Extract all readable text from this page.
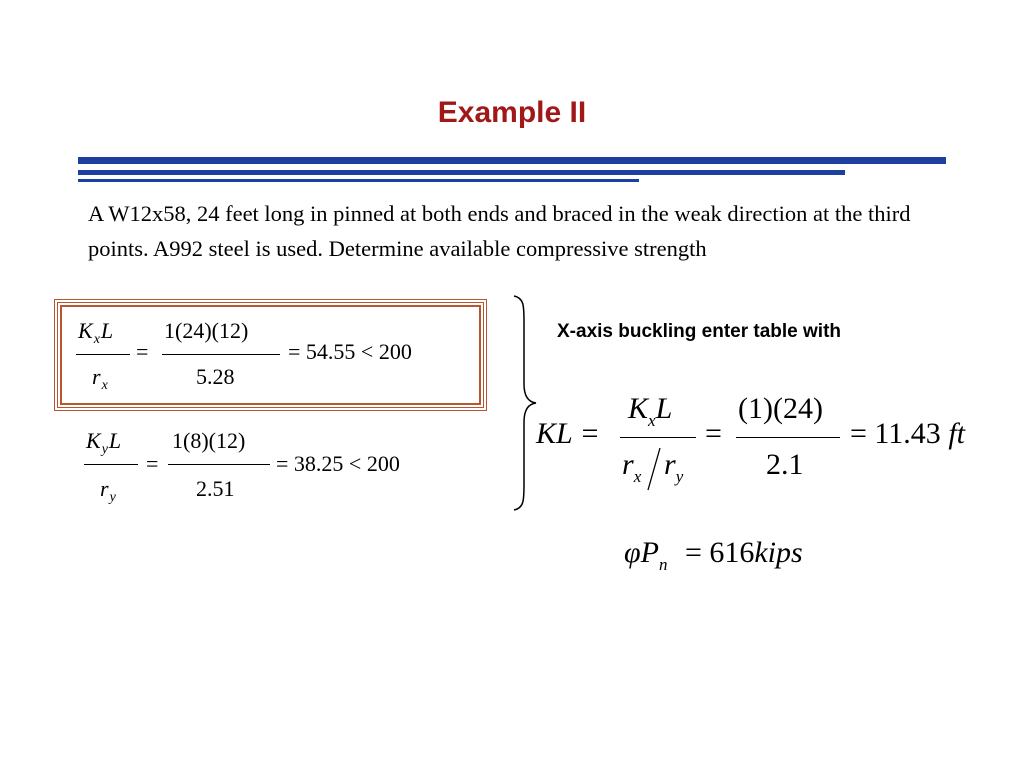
Example II
A W12x58, 24 feet long in pinned at both ends and braced in the weak direction at the third points. A992 steel is used. Determine available compressive strength
$K_xL$
$r_x$
=
1(24)(12)
5.28
= 54.55 < 200
$K_yL$
$r_y$
=
1(8)(12)
2.51
= 38.25 < 200
X-axis buckling enter table with
KL =
$K_xL$
$r_x$ $r_y$
=
(1)(24)
2.1
= 11.43 ft
$\varphi P_n$ = 616kips
